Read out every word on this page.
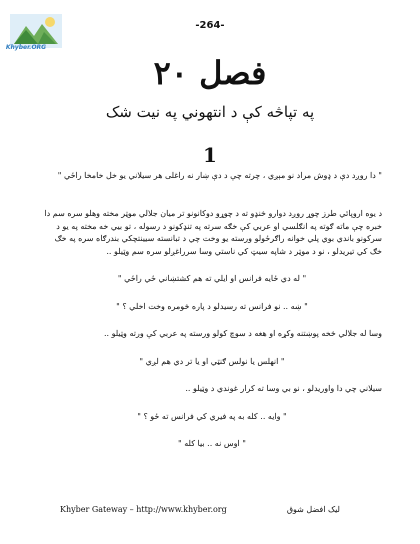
-264-
Khyber.ORG
فصل ۲۰
په تپاڅه کې د انتهوني په نيت شک
1

" دا روږد دې د ډوش مراد نو مېږي ، چرته چې د دې ښار نه راغلى هر سيلاني يو خل خامخا راځي "

د يوه اروپائي طرز چوړ روږد دوارو څنډو ته د چوړو دوکانونو تر ميان جلالي موټر مخته وهلو سره سم دا خبره چې ماته ګوته په انګلسي او عربي کې خګه سرته په تنډکونو د رسوله ، تو بيي خه مخته په يو د سرکونو باندي بوي پلي خوانه راګرځولو ورسته يو وخت چي د تبانسته سيينتچکي بندرګاه سره په خګ خګ کي تيريدلو ، نو د موټر د شاپه سيټ کي ناستي وسا سرراغږلو سره سم وټيلو ..

" له دي ځايه فرانس او ايلي ته هم کشتښاني ځي راځي "

" ښه .. نو فرانس ته رسيدلو د پاره څومره وخت اخلي ؟ "

وسا له جلالي څخه پوښتنه وکړه او هغه د سوچ کولو ورسته په عربي کې ورته وټيلو ..

" انهلس يا نولس ګنټي او يا تر دي هم لږي "

سيلاني چي دا واوريدلو ، نو بي وسا ته کرار غوندي د وټيلو ..

" وايه .. کله به په فيري کي فرانس ته ځو ؟ "

" اوس نه .. بيا کله "

Khyber Gateway – http://www.khyber.org	ليک افضل شوق
